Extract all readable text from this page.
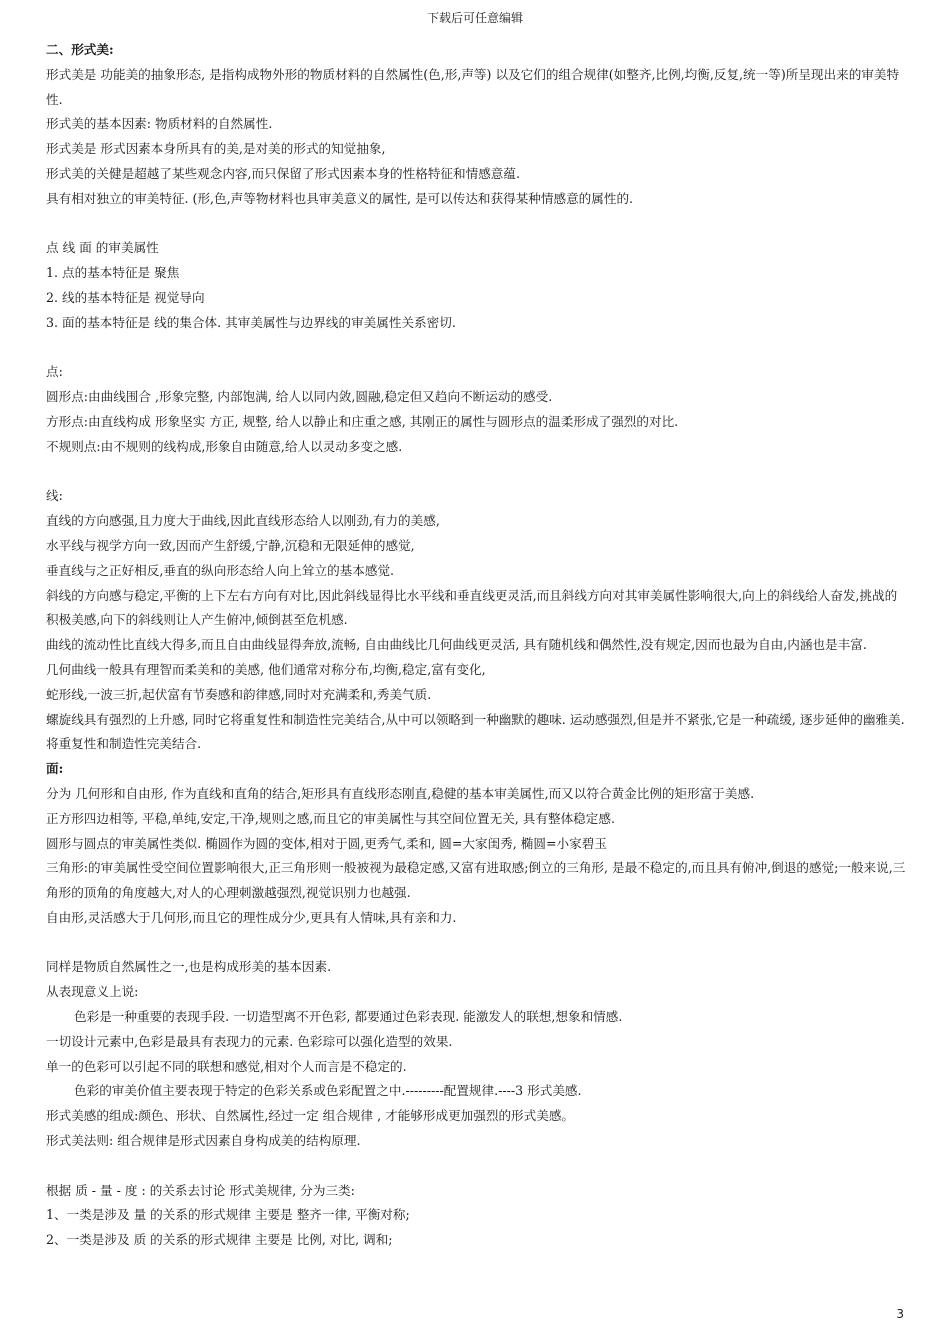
下载后可任意编辑
二、形式美:
形式美是 功能美的抽象形态, 是指构成物外形的物质材料的自然属性(色,形,声等) 以及它们的组合规律(如整齐,比例,均衡,反复,统一等)所呈现出来的审美特性.
形式美的基本因素: 物质材料的自然属性.
形式美是 形式因素本身所具有的美,是对美的形式的知觉抽象,
形式美的关健是超越了某些观念内容,而只保留了形式因素本身的性格特征和情感意蕴.
具有相对独立的审美特征. (形,色,声等物材料也具审美意义的属性, 是可以传达和获得某种情感意的属性的.
点 线 面 的审美属性
1. 点的基本特征是 聚焦
2. 线的基本特征是 视觉导向
3. 面的基本特征是 线的集合体. 其审美属性与边界线的审美属性关系密切.
点:
圆形点:由曲线围合 ,形象完整, 内部饱满, 给人以同内敛,圆融,稳定但又趋向不断运动的感受.
方形点:由直线构成 形象坚实 方正, 规整, 给人以静止和庄重之感, 其刚正的属性与圆形点的温柔形成了强烈的对比.
不规则点:由不规则的线构成,形象自由随意,给人以灵动多变之感.
线:
直线的方向感强,且力度大于曲线,因此直线形态给人以刚劲,有力的美感,
水平线与视学方向一致,因而产生舒缓,宁静,沉稳和无限延伸的感觉,
垂直线与之正好相反,垂直的纵向形态给人向上耸立的基本感觉.
斜线的方向感与稳定,平衡的上下左右方向有对比,因此斜线显得比水平线和垂直线更灵活,而且斜线方向对其审美属性影响很大,向上的斜线给人奋发,挑战的积极美感,向下的斜线则让人产生俯冲,倾倒甚至危机感.
曲线的流动性比直线大得多,而且自由曲线显得奔放,流畅, 自由曲线比几何曲线更灵活, 具有随机线和偶然性,没有规定,因而也最为自由,内涵也是丰富.
几何曲线一般具有理智而柔美和的美感, 他们通常对称分布,均衡,稳定,富有变化,
蛇形线,一波三折,起伏富有节奏感和韵律感,同时对充满柔和,秀美气质.
螺旋线具有强烈的上升感, 同时它将重复性和制造性完美结合,从中可以领略到一种幽默的趣味. 运动感强烈,但是并不紧张,它是一种疏缓, 逐步延伸的幽雅美. 将重复性和制造性完美结合.
面:
分为 几何形和自由形, 作为直线和直角的结合,矩形具有直线形态刚直,稳健的基本审美属性,而又以符合黄金比例的矩形富于美感.
正方形四边相等, 平稳,单纯,安定,干净,规则之感,而且它的审美属性与其空间位置无关, 具有整体稳定感.
圆形与圆点的审美属性类似. 椭圆作为圆的变体,相对于圆,更秀气,柔和, 圆=大家闺秀, 椭圆=小家碧玉
三角形:的审美属性受空间位置影响很大,正三角形则一般被视为最稳定感,又富有进取感;倒立的三角形, 是最不稳定的,而且具有俯冲,倒退的感觉;一般来说,三角形的顶角的角度越大,对人的心理刺激越强烈,视觉识别力也越强.
自由形,灵活感大于几何形,而且它的理性成分少,更具有人情味,具有亲和力.
同样是物质自然属性之一,也是构成形美的基本因素.
从表现意义上说:
色彩是一种重要的表现手段. 一切造型离不开色彩, 都要通过色彩表现. 能激发人的联想,想象和情感.
一切设计元素中,色彩是最具有表现力的元素. 色彩琮可以强化造型的效果.
单一的色彩可以引起不同的联想和感觉,相对个人而言是不稳定的.
色彩的审美价值主要表现于特定的色彩关系或色彩配置之中.---------配置规律.----3 形式美感.
形式美感的组成:颜色、形状、自然属性,经过一定 组合规律 , 才能够形成更加强烈的形式美感。
形式美法则: 组合规律是形式因素自身构成美的结构原理.
根据 质 - 量 - 度 : 的关系去讨论 形式美规律, 分为三类:
1、一类是涉及 量 的关系的形式规律 主要是 整齐一律, 平衡对称;
2、一类是涉及 质 的关系的形式规律 主要是 比例, 对比, 调和;
3
